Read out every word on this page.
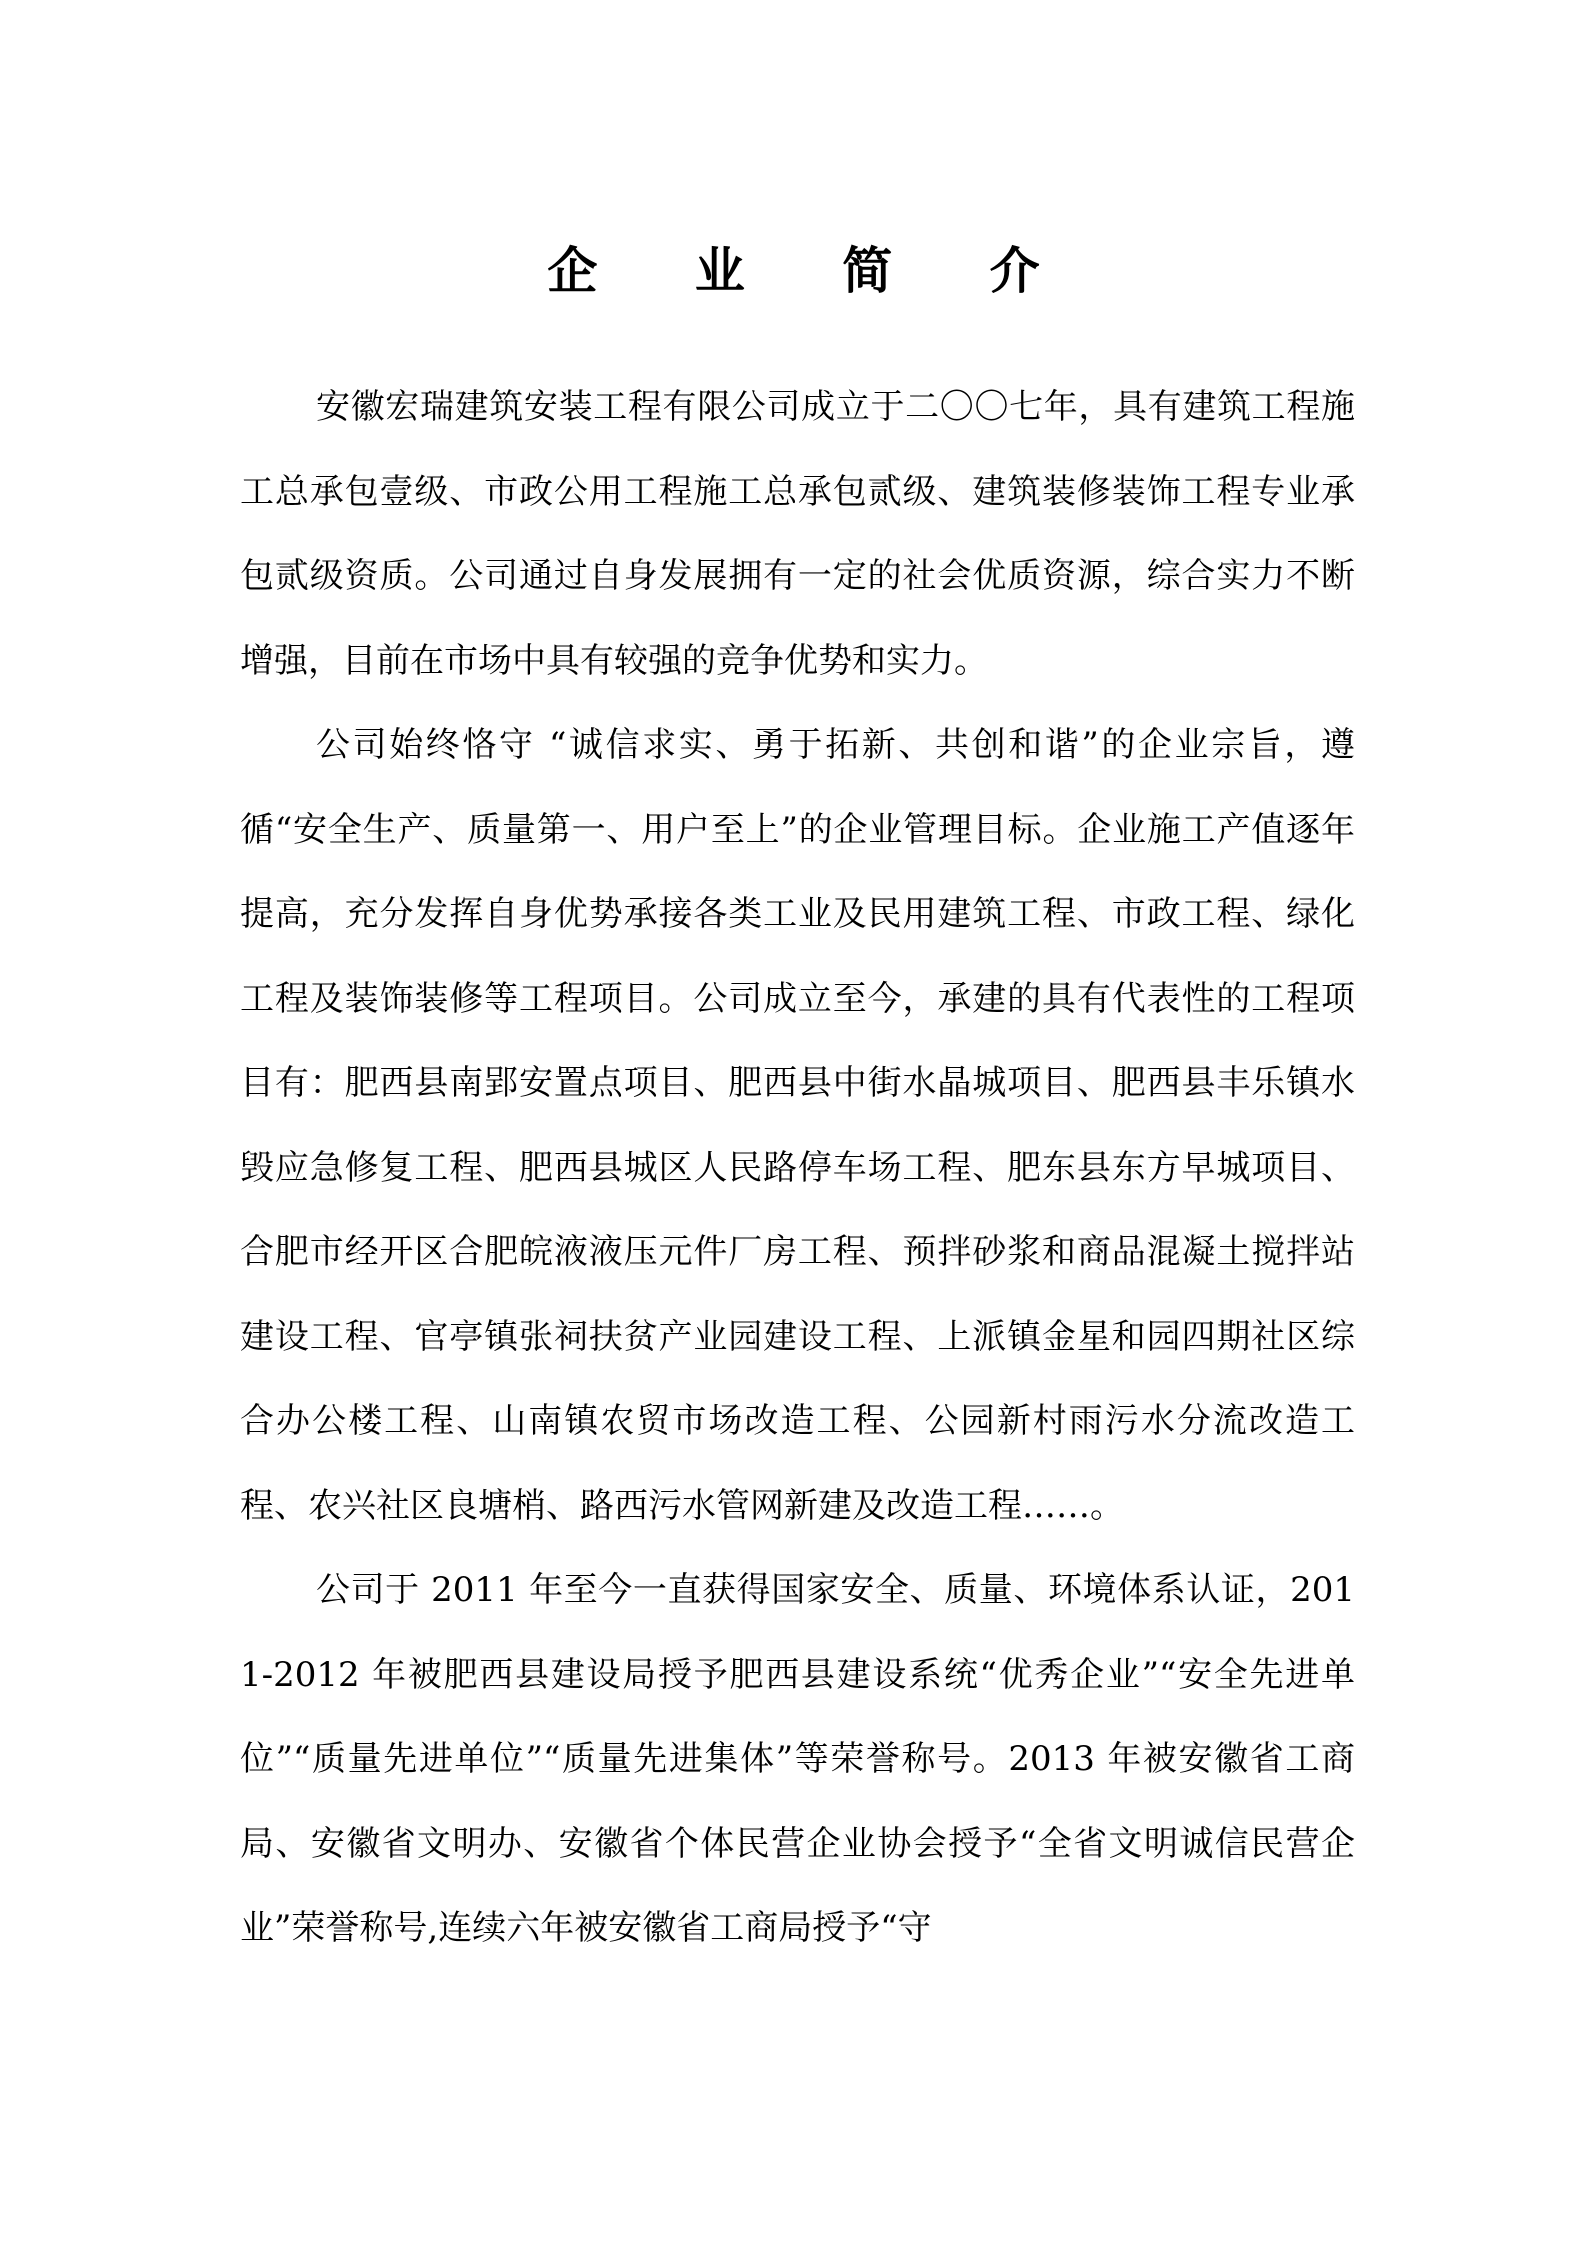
企 业 简 介

安徽宏瑞建筑安装工程有限公司成立于二〇〇七年，具有建筑工程施工总承包壹级、市政公用工程施工总承包贰级、建筑装修装饰工程专业承包贰级资质。公司通过自身发展拥有一定的社会优质资源，综合实力不断增强，目前在市场中具有较强的竞争优势和实力。

公司始终恪守 “诚信求实、勇于拓新、共创和谐”的企业宗旨，遵循“安全生产、质量第一、用户至上”的企业管理目标。企业施工产值逐年提高，充分发挥自身优势承接各类工业及民用建筑工程、市政工程、绿化工程及装饰装修等工程项目。公司成立至今，承建的具有代表性的工程项目有：肥西县南郢安置点项目、肥西县中街水晶城项目、肥西县丰乐镇水毁应急修复工程、肥西县城区人民路停车场工程、肥东县东方早城项目、合肥市经开区合肥皖液液压元件厂房工程、预拌砂浆和商品混凝土搅拌站建设工程、官亭镇张祠扶贫产业园建设工程、上派镇金星和园四期社区综合办公楼工程、山南镇农贸市场改造工程、公园新村雨污水分流改造工程、农兴社区良塘梢、路西污水管网新建及改造工程……。

公司于 2011 年至今一直获得国家安全、质量、环境体系认证，2011-2012 年被肥西县建设局授予肥西县建设系统“优秀企业”“安全先进单位”“质量先进单位”“质量先进集体”等荣誉称号。2013 年被安徽省工商局、安徽省文明办、安徽省个体民营企业协会授予“全省文明诚信民营企业”荣誉称号,连续六年被安徽省工商局授予“守
